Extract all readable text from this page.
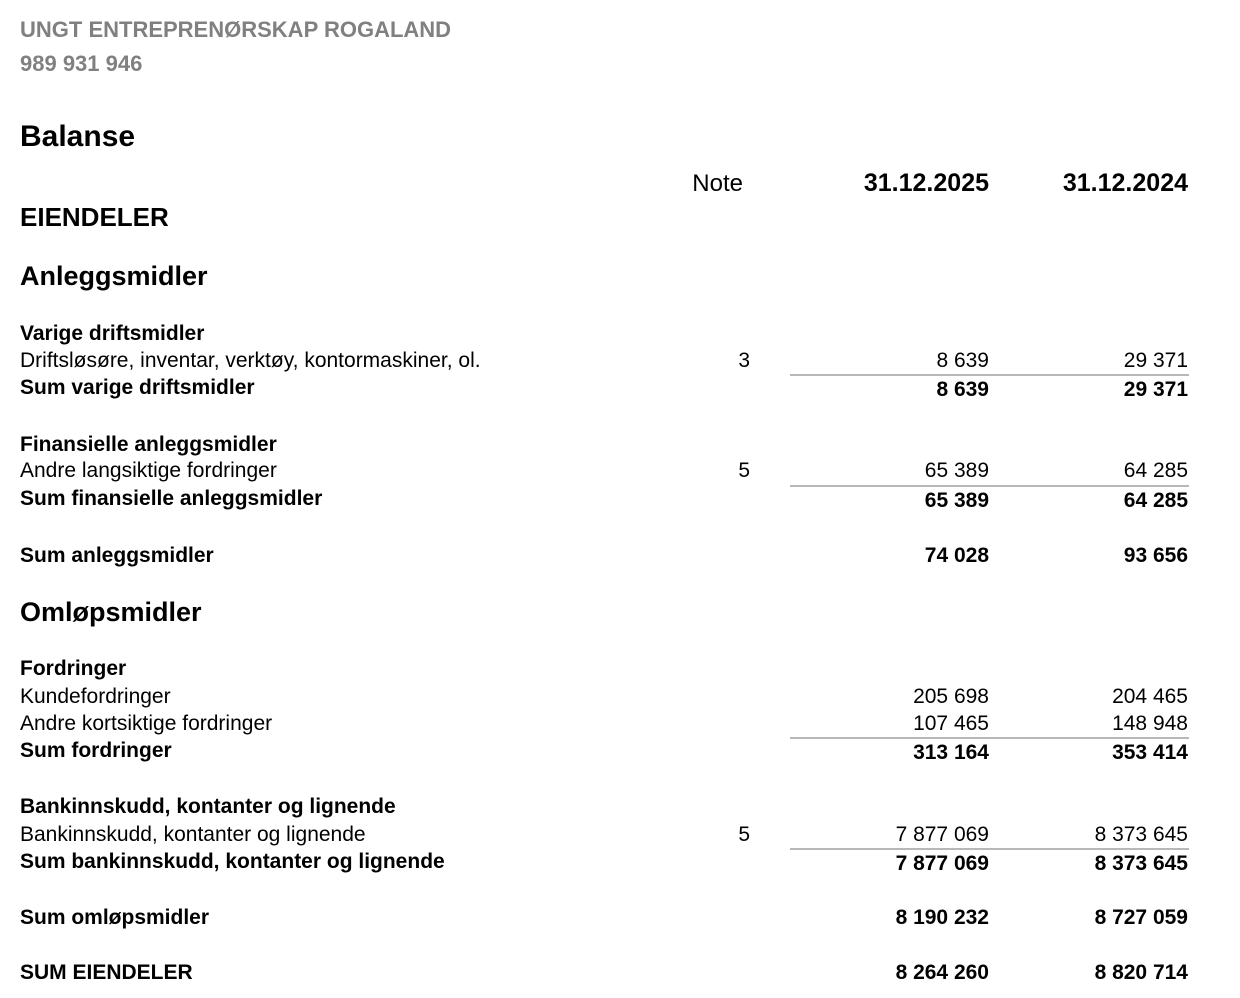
UNGT ENTREPRENØRSKAP ROGALAND
989 931 946
Balanse
Note	31.12.2025	31.12.2024
EIENDELER
Anleggsmidler
Varige driftsmidler
Driftsløsøre, inventar, verktøy, kontormaskiner, ol.	3	8 639	29 371
Sum varige driftsmidler	8 639	29 371
Finansielle anleggsmidler
Andre langsiktige fordringer	5	65 389	64 285
Sum finansielle anleggsmidler	65 389	64 285
Sum anleggsmidler	74 028	93 656
Omløpsmidler
Fordringer
Kundefordringer	205 698	204 465
Andre kortsiktige fordringer	107 465	148 948
Sum fordringer	313 164	353 414
Bankinnskudd, kontanter og lignende
Bankinnskudd, kontanter og lignende	5	7 877 069	8 373 645
Sum bankinnskudd, kontanter og lignende	7 877 069	8 373 645
Sum omløpsmidler	8 190 232	8 727 059
SUM EIENDELER	8 264 260	8 820 714
